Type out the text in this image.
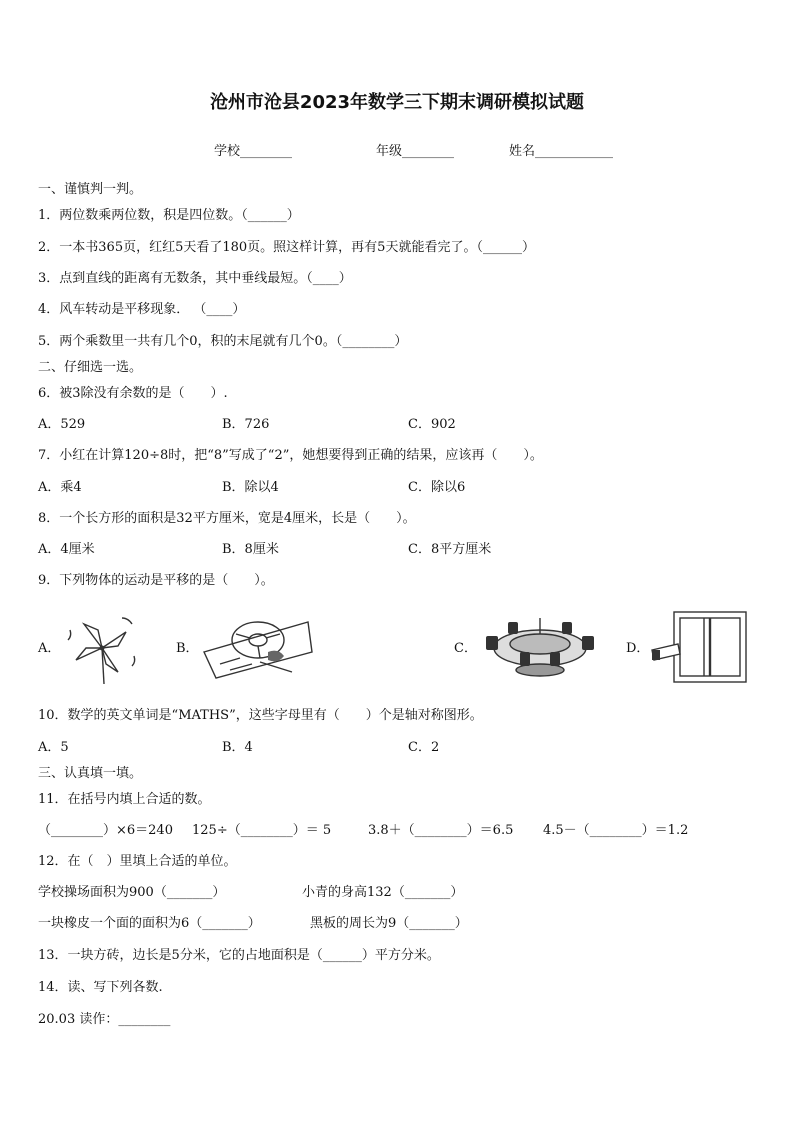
沧州市沧县2023年数学三下期末调研模拟试题
学校________	年级________	姓名____________
一、谨慎判一判。
1．两位数乘两位数，积是四位数。（______）
2．一本书365页，红红5天看了180页。照这样计算，再有5天就能看完了。（______）
3．点到直线的距离有无数条，其中垂线最短。（____）
4．风车转动是平移现象． （____）
5．两个乘数里一共有几个0，积的末尾就有几个0。（________）
二、仔细选一选。
6．被3除没有余数的是（　　）.
A．529	B．726	C．902
7．小红在计算120÷8时，把“8”写成了“2”，她想要得到正确的结果，应该再（　　）。
A．乘4	B．除以4	C．除以6
8．一个长方形的面积是32平方厘米，宽是4厘米，长是（　　）。
A．4厘米	B．8厘米	C．8平方厘米
9．下列物体的运动是平移的是（　　）。
A．	B．	C．	D．
10．数学的英文单词是“MATHS”，这些字母里有（　　）个是轴对称图形。
A．5	B．4	C．2
三、认真填一填。
11．在括号内填上合适的数。
（________）×6＝240 125÷（________）＝ 5	3.8＋（________）＝6.5 4.5－（________）＝1.2
12．在（　）里填上合适的单位。
学校操场面积为900（_______）	小青的身高132（_______）
一块橡皮一个面的面积为6（_______）	黑板的周长为9（_______）
13．一块方砖，边长是5分米，它的占地面积是（______）平方分米。
14．读、写下列各数.
20.03 读作：________
